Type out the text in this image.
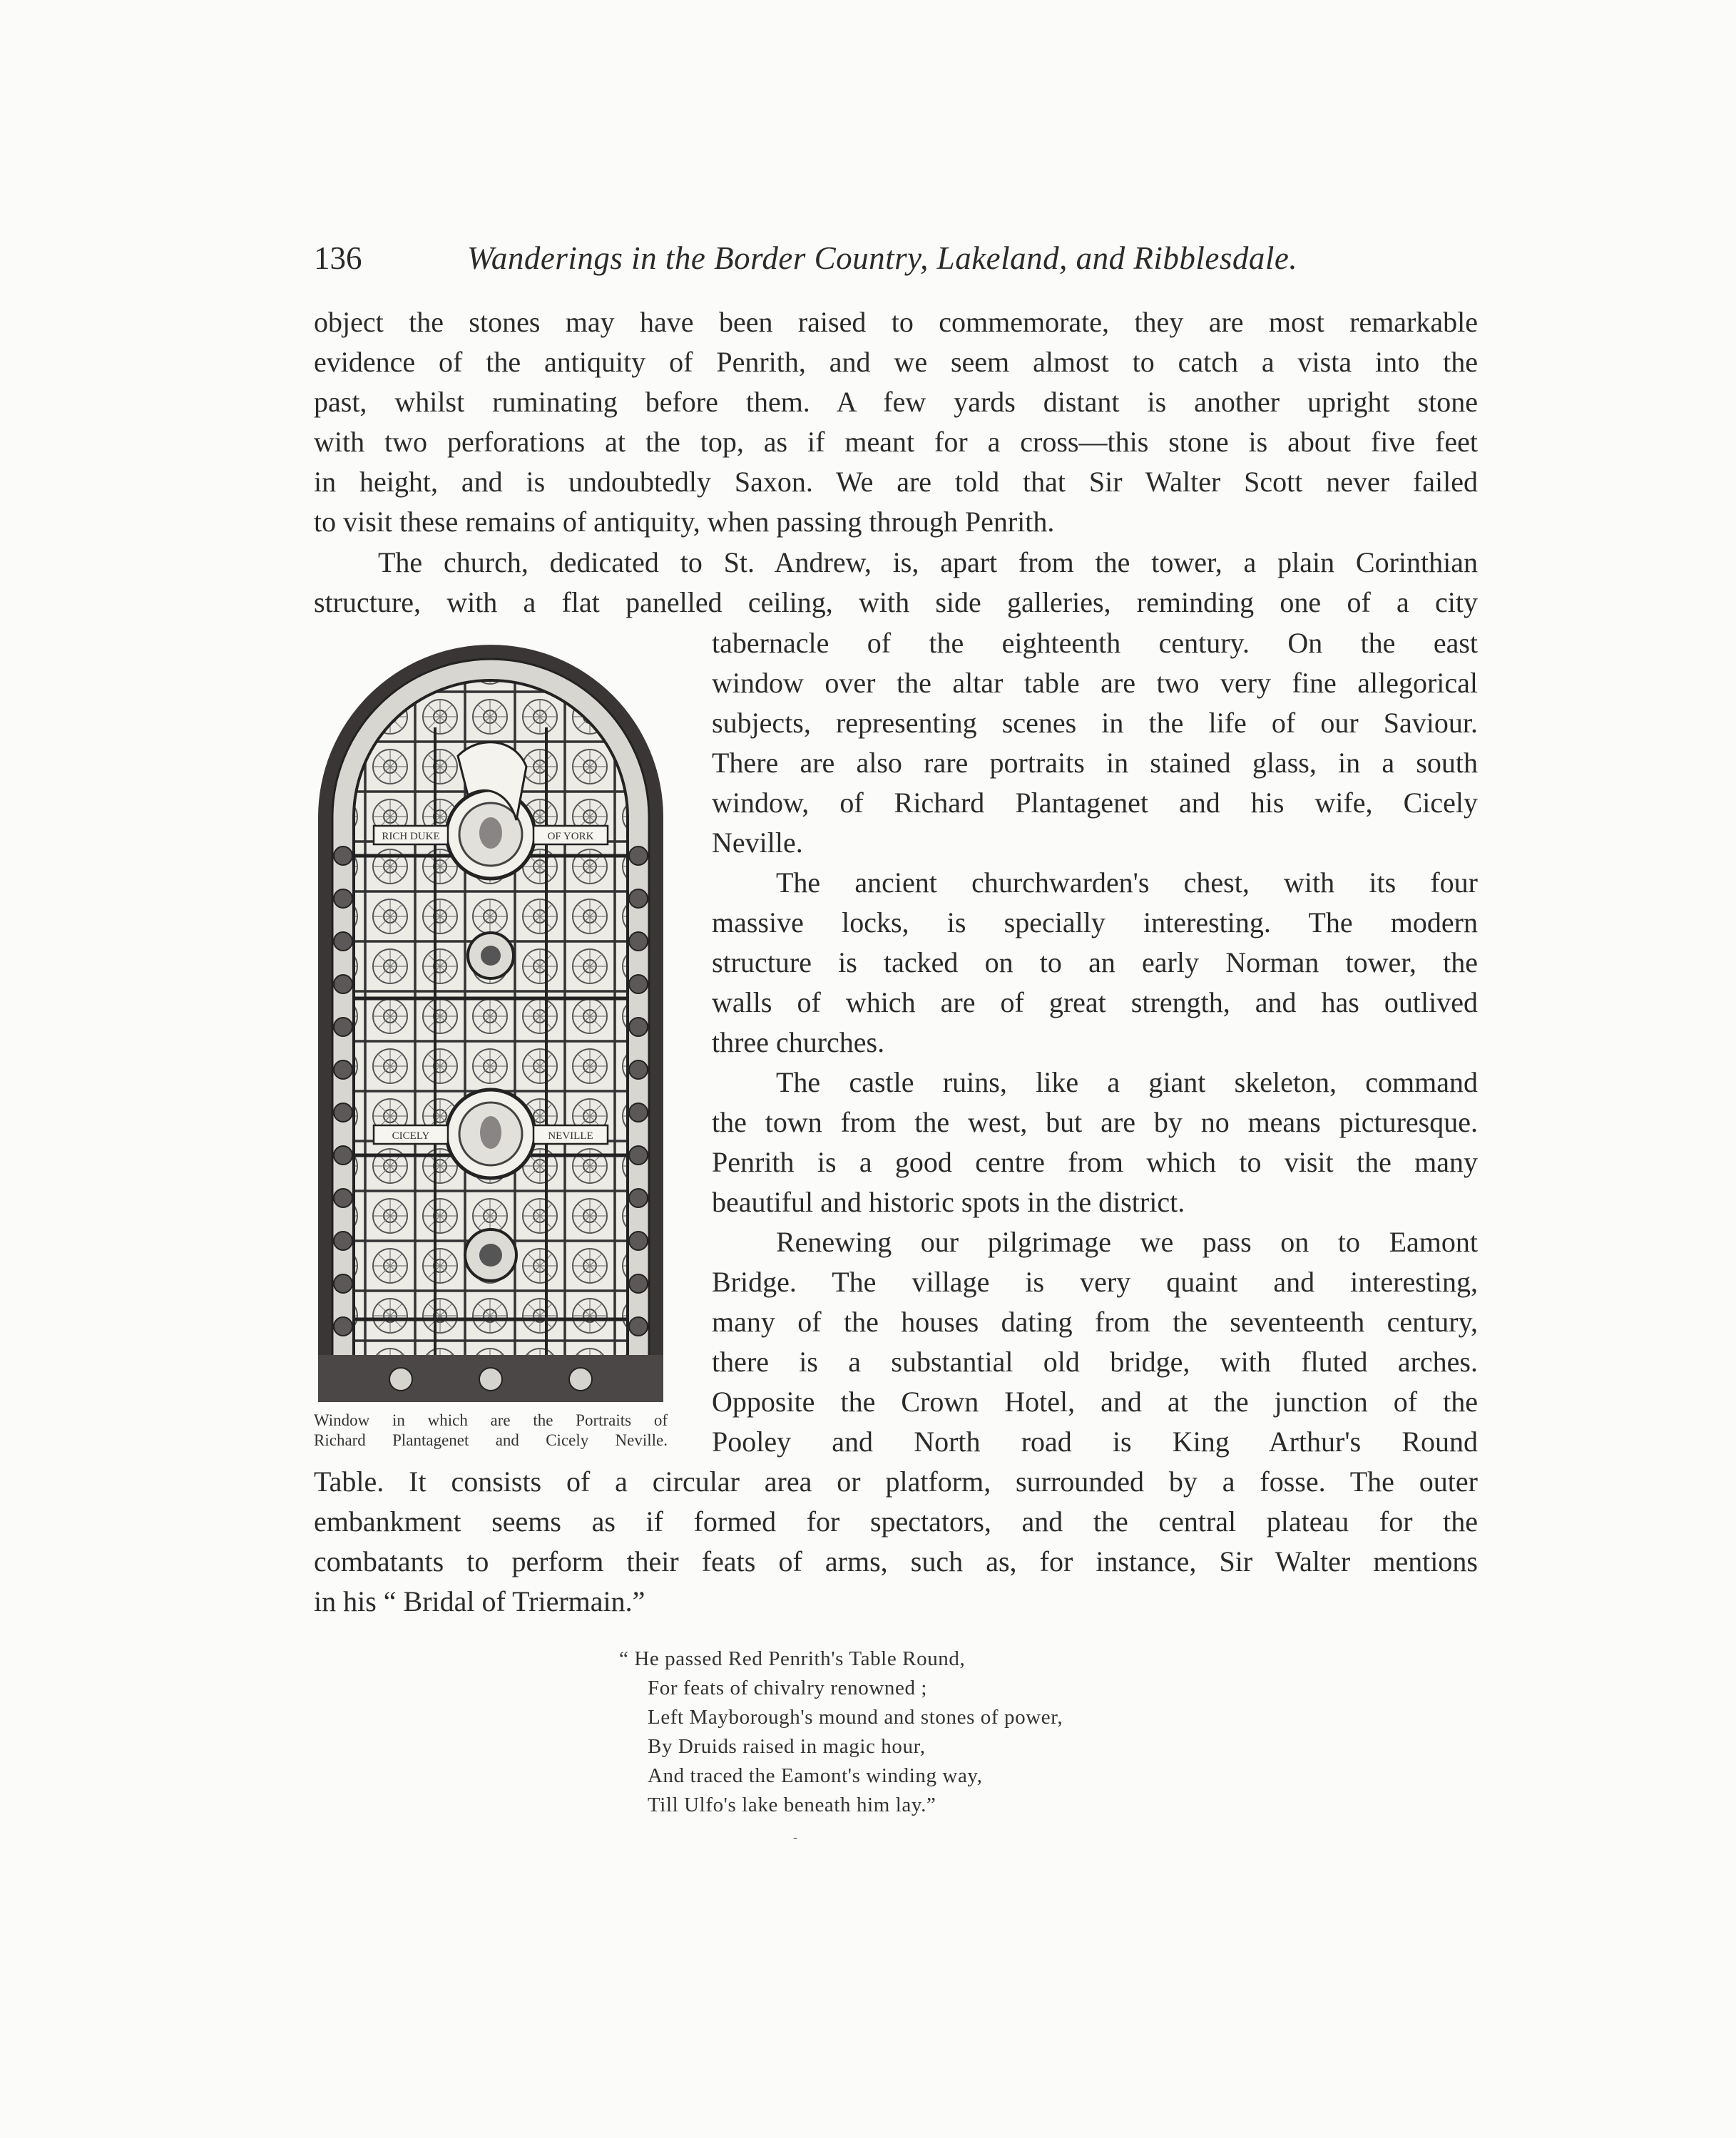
136	Wanderings in the Border Country, Lakeland, and Ribblesdale.
object the stones may have been raised to commemorate, they are most remarkable
evidence of the antiquity of Penrith, and we seem almost to catch a vista into the
past, whilst ruminating before them. A few yards distant is another upright stone
with two perforations at the top, as if meant for a cross—this stone is about five feet
in height, and is undoubtedly Saxon. We are told that Sir Walter Scott never failed
to visit these remains of antiquity, when passing through Penrith.
The church, dedicated to St. Andrew, is, apart from the tower, a plain Corinthian
structure, with a flat panelled ceiling, with side galleries, reminding one of a city
tabernacle of the eighteenth century. On the east
window over the altar table are two very fine allegorical
subjects, representing scenes in the life of our Saviour.
There are also rare portraits in stained glass, in a south
window, of Richard Plantagenet and his wife, Cicely
Neville.
The ancient churchwarden's chest, with its four
massive locks, is specially interesting. The modern
structure is tacked on to an early Norman tower, the
walls of which are of great strength, and has outlived
three churches.
The castle ruins, like a giant skeleton, command
the town from the west, but are by no means picturesque.
Penrith is a good centre from which to visit the many
beautiful and historic spots in the district.
Renewing our pilgrimage we pass on to Eamont
Bridge. The village is very quaint and interesting,
many of the houses dating from the seventeenth century,
there is a substantial old bridge, with fluted arches.
Opposite the Crown Hotel, and at the junction of the
Pooley and North road is King Arthur's Round
Table. It consists of a circular area or platform, surrounded by a fosse. The outer
embankment seems as if formed for spectators, and the central plateau for the
combatants to perform their feats of arms, such as, for instance, Sir Walter mentions
in his “ Bridal of Triermain.”
RICH DUKE	OF YORK
CICELY	NEVILLE
Window in which are the Portraits of
Richard Plantagenet and Cicely Neville.
“ He passed Red Penrith's Table Round,
For feats of chivalry renowned ;
Left Mayborough's mound and stones of power,
By Druids raised in magic hour,
And traced the Eamont's winding way,
Till Ulfo's lake beneath him lay.”
-
